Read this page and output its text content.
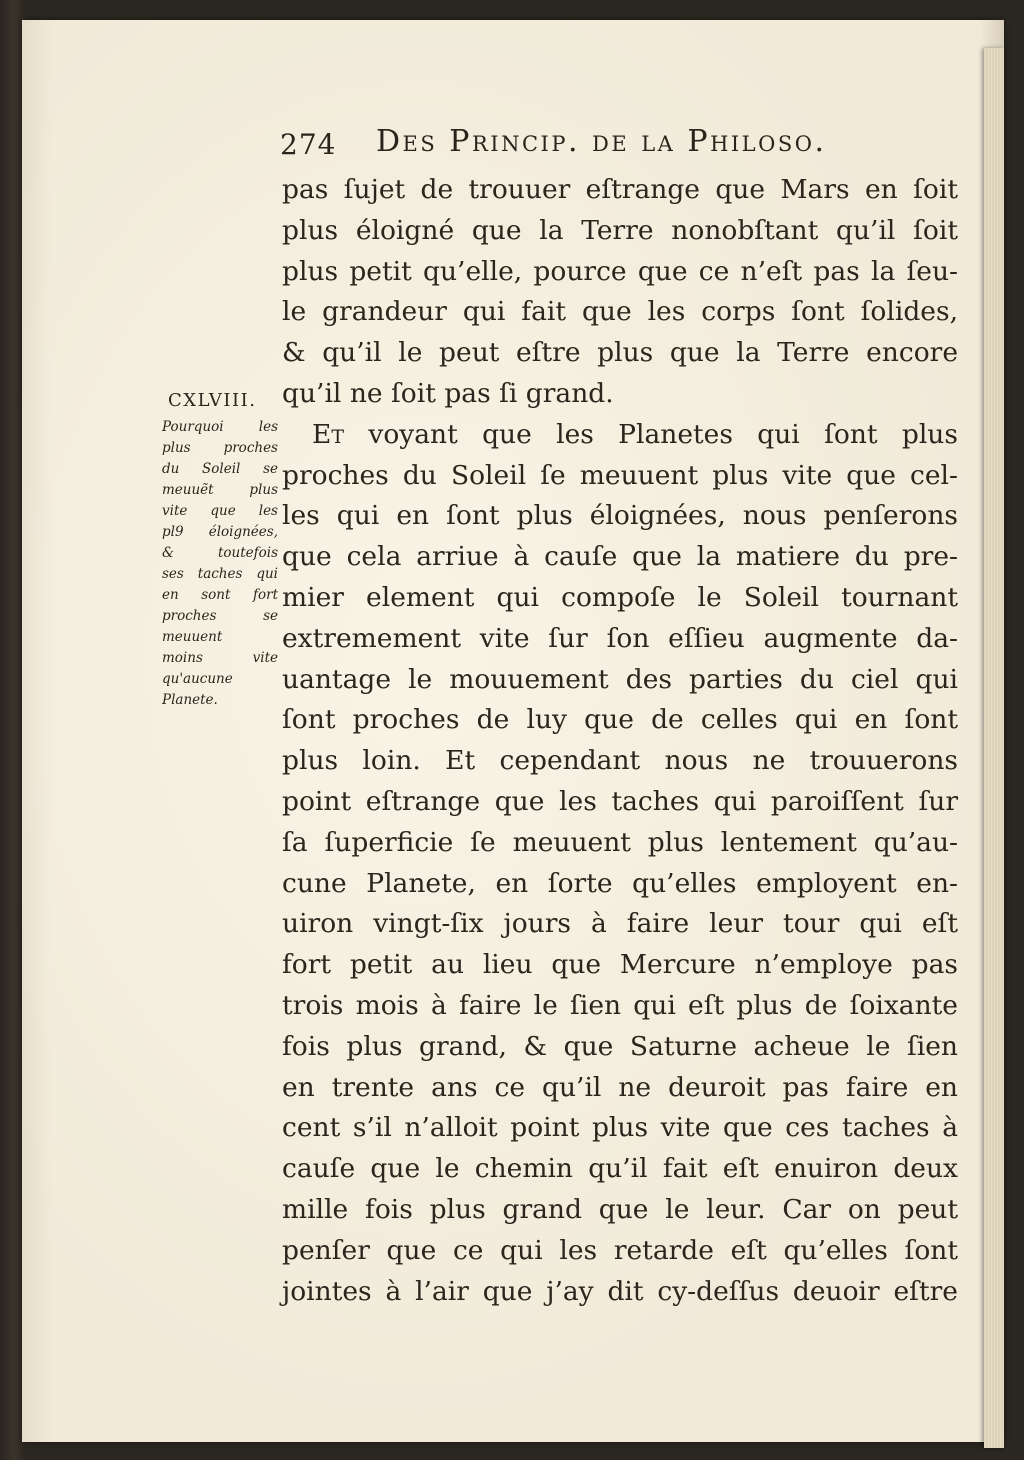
274 Des Princip. de la Philoso.
CXLVIII.
Pourquoi les
plus proches
du Soleil se
meuuẽt plus
vite que les
pl9 éloignées,
& toutefois
ses taches qui
en sont fort
proches se
meuuent
moins vite
qu'aucune
Planete.
pas ſujet de trouuer eſtrange que Mars en ſoit
plus éloigné que la Terre nonobſtant qu’il ſoit
plus petit qu’elle, pource que ce n’eſt pas la ſeu-
le grandeur qui fait que les corps ſont ſolides,
& qu’il le peut eſtre plus que la Terre encore
qu’il ne ſoit pas ſi grand.
Et voyant que les Planetes qui ſont plus
proches du Soleil ſe meuuent plus vite que cel-
les qui en ſont plus éloignées, nous penſerons
que cela arriue à cauſe que la matiere du pre-
mier element qui compoſe le Soleil tournant
extremement vite ſur ſon eſſieu augmente da-
uantage le mouuement des parties du ciel qui
ſont proches de luy que de celles qui en ſont
plus loin. Et cependant nous ne trouuerons
point eſtrange que les taches qui paroiſſent ſur
ſa ſuperficie ſe meuuent plus lentement qu’au-
cune Planete, en ſorte qu’elles employent en-
uiron vingt-ſix jours à faire leur tour qui eſt
fort petit au lieu que Mercure n’employe pas
trois mois à faire le ſien qui eſt plus de ſoixante
fois plus grand, & que Saturne acheue le ſien
en trente ans ce qu’il ne deuroit pas faire en
cent s’il n’alloit point plus vite que ces taches à
cauſe que le chemin qu’il fait eſt enuiron deux
mille fois plus grand que le leur. Car on peut
penſer que ce qui les retarde eſt qu’elles ſont
jointes à l’air que j’ay dit cy-deſſus deuoir eſtre
